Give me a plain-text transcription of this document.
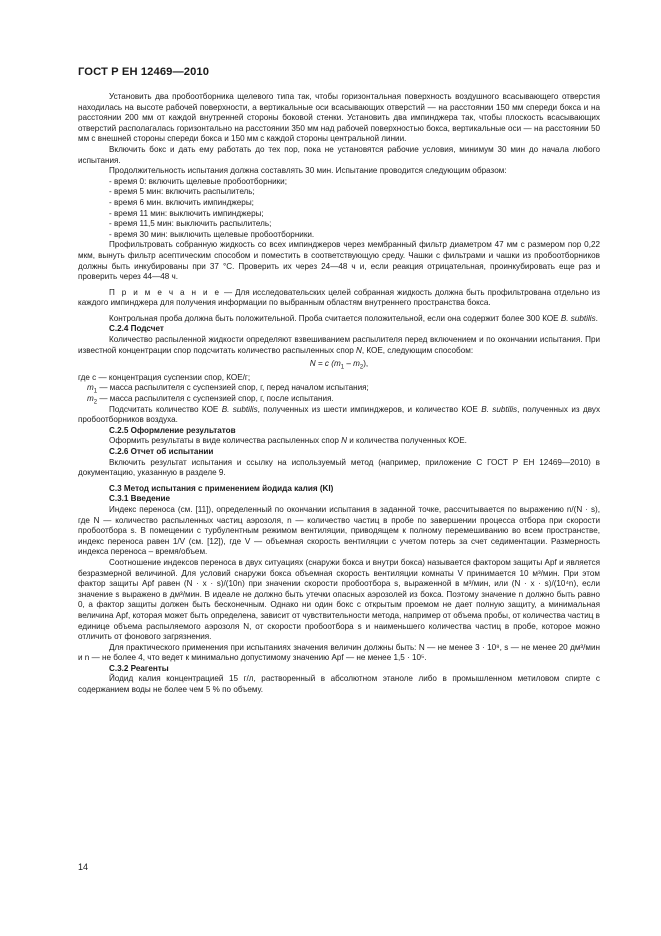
ГОСТ Р ЕН 12469—2010

Установить два пробоотборника щелевого типа так, чтобы горизонтальная поверхность воздушного всасывающего отверстия находилась на высоте рабочей поверхности, а вертикальные оси всасывающих отверстий — на расстоянии 150 мм спереди бокса и на расстоянии 200 мм от каждой внутренней стороны боковой стенки. Установить два импинджера так, чтобы плоскость всасывающих отверстий располагалась горизонтально на расстоянии 350 мм над рабочей поверхностью бокса, вертикальные оси — на расстоянии 50 мм с внешней стороны спереди бокса и 150 мм с каждой стороны центральной линии.

Включить бокс и дать ему работать до тех пор, пока не установятся рабочие условия, минимум 30 мин до начала любого испытания.

Продолжительность испытания должна составлять 30 мин. Испытание проводится следующим образом:

- время 0: включить щелевые пробоотборники;

- время 5 мин: включить распылитель;

- время 6 мин. включить импинджеры;

- время 11 мин: выключить импинджеры;

- время 11,5 мин: выключить распылитель;

- время 30 мин: выключить щелевые пробоотборники.

Профильтровать собранную жидкость со всех импинджеров через мембранный фильтр диаметром 47 мм с размером пор 0,22 мкм, вынуть фильтр асептическим способом и поместить в соответствующую среду. Чашки с фильтрами и чашки из пробоотборников должны быть инкубированы при 37 °С. Проверить их через 24—48 ч и, если реакция отрицательная, проинкубировать еще раз и проверить через 44—48 ч.

П р и м е ч а н и е — Для исследовательских целей собранная жидкость должна быть профильтрована отдельно из каждого импинджера для получения информации по выбранным областям внутреннего пространства бокса.

Контрольная проба должна быть положительной. Проба считается положительной, если она содержит более 300 КОЕ B. subtilis.

С.2.4 Подсчет

Количество распыленной жидкости определяют взвешиванием распылителя перед включением и по окончании испытания. При известной концентрации спор подсчитать количество распыленных спор N, КОЕ, следующим способом:

N = c $(m_1 - m_2)$,

где c — концентрация суспензии спор, КОЕ/г;

$m_1$ — масса распылителя с суспензией спор, г, перед началом испытания;

$m_2$ — масса распылителя с суспензией спор, г, после испытания.

Подсчитать количество КОЕ B. subtilis, полученных из шести импинджеров, и количество КОЕ B. subtilis, полученных из двух пробоотборников воздуха.

С.2.5 Оформление результатов

Оформить результаты в виде количества распыленных спор N и количества полученных КОЕ.

С.2.6 Отчет об испытании

Включить результат испытания и ссылку на используемый метод (например, приложение С ГОСТ Р ЕН 12469—2010) в документацию, указанную в разделе 9.

С.3 Метод испытания с применением йодида калия (KI)

С.3.1 Введение

Индекс переноса (см. [11]), определенный по окончании испытания в заданной точке, рассчитывается по выражению n/(N · s), где N — количество распыленных частиц аэрозоля, n — количество частиц в пробе по завершении процесса отбора при скорости пробоотбора s. В помещении с турбулентным режимом вентиляции, приводящем к полному перемешиванию во всем пространстве, индекс переноса равен 1/V (см. [12]), где V — объемная скорость вентиляции с учетом потерь за счет седиментации. Размерность индекса переноса – время/объем.

Соотношение индексов переноса в двух ситуациях (снаружи бокса и внутри бокса) называется фактором защиты Apf и является безразмерной величиной. Для условий снаружи бокса объемная скорость вентиляции комнаты V принимается 10 м³/мин. При этом фактор защиты Apf равен (N · x · s)/(10n) при значении скорости пробоотбора s, выраженной в м³/мин, или (N · x · s)/(10⁴n), если значение s выражено в дм³/мин. В идеале не должно быть утечки опасных аэрозолей из бокса. Поэтому значение n должно быть равно 0, а фактор защиты должен быть бесконечным. Однако ни один бокс с открытым проемом не дает полную защиту, а минимальная величина Apf, которая может быть определена, зависит от чувствительности метода, например от объема пробы, от количества частиц в единице объема распыляемого аэрозоля N, от скорости пробоотбора s и наименьшего количества частиц в пробе, которое можно отличить от фонового загрязнения.

Для практического применения при испытаниях значения величин должны быть: N — не менее 3 · 10⁸, s — не менее 20 дм³/мин и n — не более 4, что ведет к минимально допустимому значению Apf — не менее 1,5 · 10⁵.

С.3.2 Реагенты

Йодид калия концентрацией 15 г/л, растворенный в абсолютном этаноле либо в промышленном метиловом спирте с содержанием воды не более чем 5 % по объему.

14
